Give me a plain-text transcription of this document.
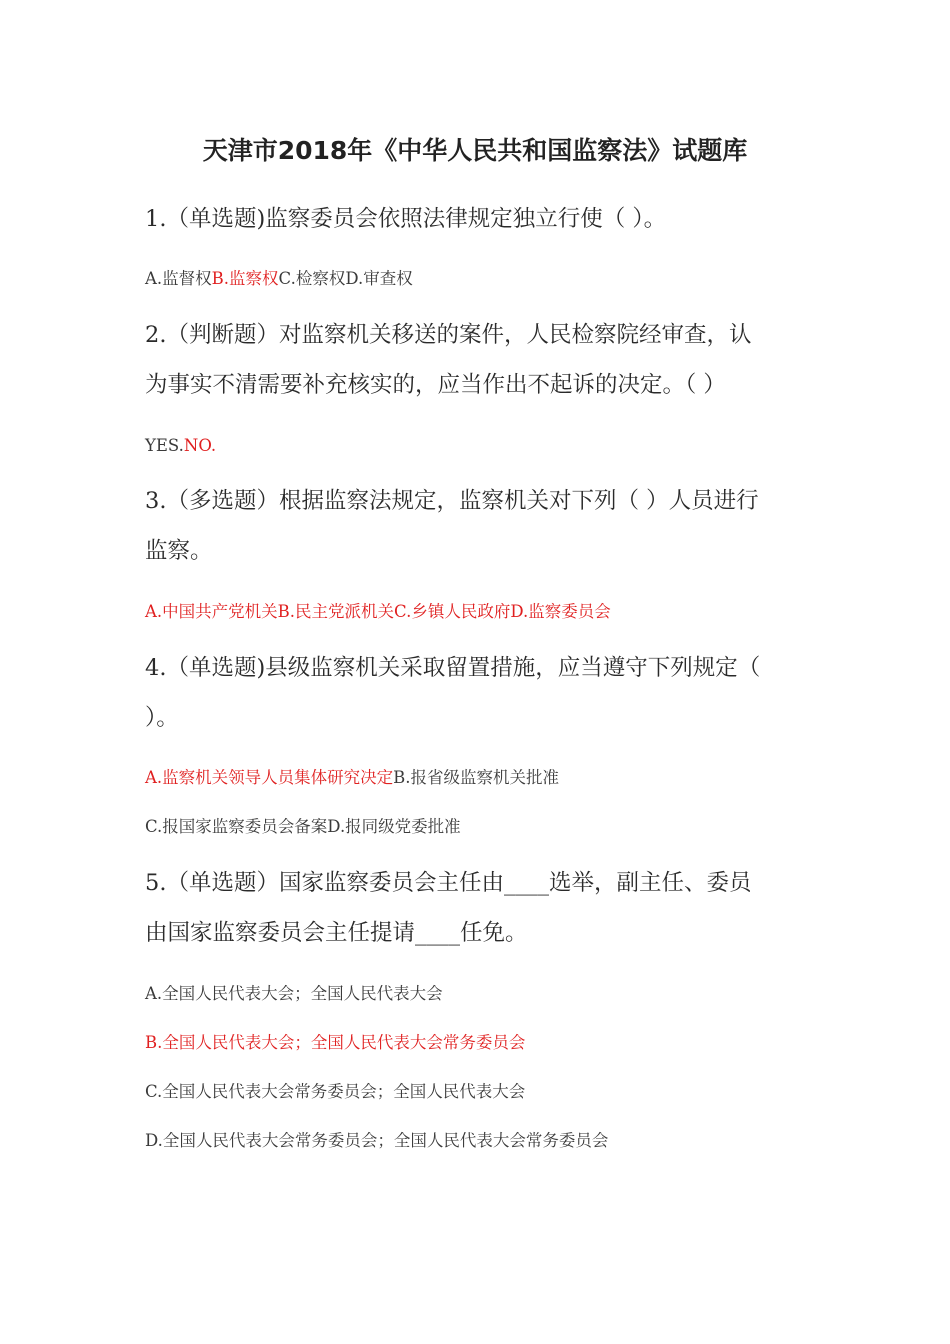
天津市2018年《中华人民共和国监察法》试题库
1.（单选题)监察委员会依照法律规定独立行使（ ）。
A.监督权B.监察权C.检察权D.审查权
2.（判断题）对监察机关移送的案件，人民检察院经审查，认
为事实不清需要补充核实的，应当作出不起诉的决定。（ ）
YES.NO.
3.（多选题）根据监察法规定，监察机关对下列（ ）人员进行
监察。
A.中国共产党机关B.民主党派机关C.乡镇人民政府D.监察委员会
4.（单选题)县级监察机关采取留置措施，应当遵守下列规定（
）。
A.监察机关领导人员集体研究决定B.报省级监察机关批准
C.报国家监察委员会备案D.报同级党委批准
5.（单选题）国家监察委员会主任由____选举，副主任、委员
由国家监察委员会主任提请____任免。
A.全国人民代表大会；全国人民代表大会
B.全国人民代表大会；全国人民代表大会常务委员会
C.全国人民代表大会常务委员会；全国人民代表大会
D.全国人民代表大会常务委员会；全国人民代表大会常务委员会
